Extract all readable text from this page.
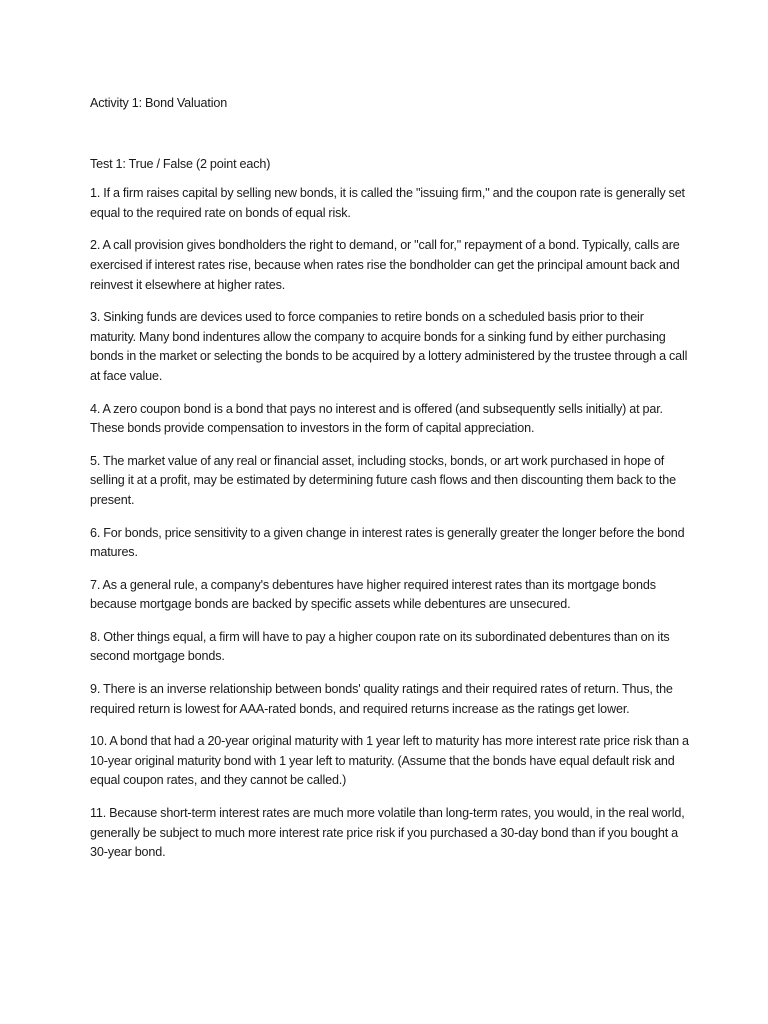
Activity 1: Bond Valuation

Test 1: True / False (2 point each)

1. If a firm raises capital by selling new bonds, it is called the "issuing firm," and the coupon rate is generally set equal to the required rate on bonds of equal risk.

2. A call provision gives bondholders the right to demand, or "call for," repayment of a bond. Typically, calls are exercised if interest rates rise, because when rates rise the bondholder can get the principal amount back and reinvest it elsewhere at higher rates.

3. Sinking funds are devices used to force companies to retire bonds on a scheduled basis prior to their maturity. Many bond indentures allow the company to acquire bonds for a sinking fund by either purchasing bonds in the market or selecting the bonds to be acquired by a lottery administered by the trustee through a call at face value.

4. A zero coupon bond is a bond that pays no interest and is offered (and subsequently sells initially) at par. These bonds provide compensation to investors in the form of capital appreciation.

5. The market value of any real or financial asset, including stocks, bonds, or art work purchased in hope of selling it at a profit, may be estimated by determining future cash flows and then discounting them back to the present.

6. For bonds, price sensitivity to a given change in interest rates is generally greater the longer before the bond matures.

7. As a general rule, a company's debentures have higher required interest rates than its mortgage bonds because mortgage bonds are backed by specific assets while debentures are unsecured.

8. Other things equal, a firm will have to pay a higher coupon rate on its subordinated debentures than on its second mortgage bonds.

9. There is an inverse relationship between bonds' quality ratings and their required rates of return. Thus, the required return is lowest for AAA-rated bonds, and required returns increase as the ratings get lower.

10. A bond that had a 20-year original maturity with 1 year left to maturity has more interest rate price risk than a 10-year original maturity bond with 1 year left to maturity. (Assume that the bonds have equal default risk and equal coupon rates, and they cannot be called.)

11. Because short-term interest rates are much more volatile than long-term rates, you would, in the real world, generally be subject to much more interest rate price risk if you purchased a 30-day bond than if you bought a 30-year bond.
